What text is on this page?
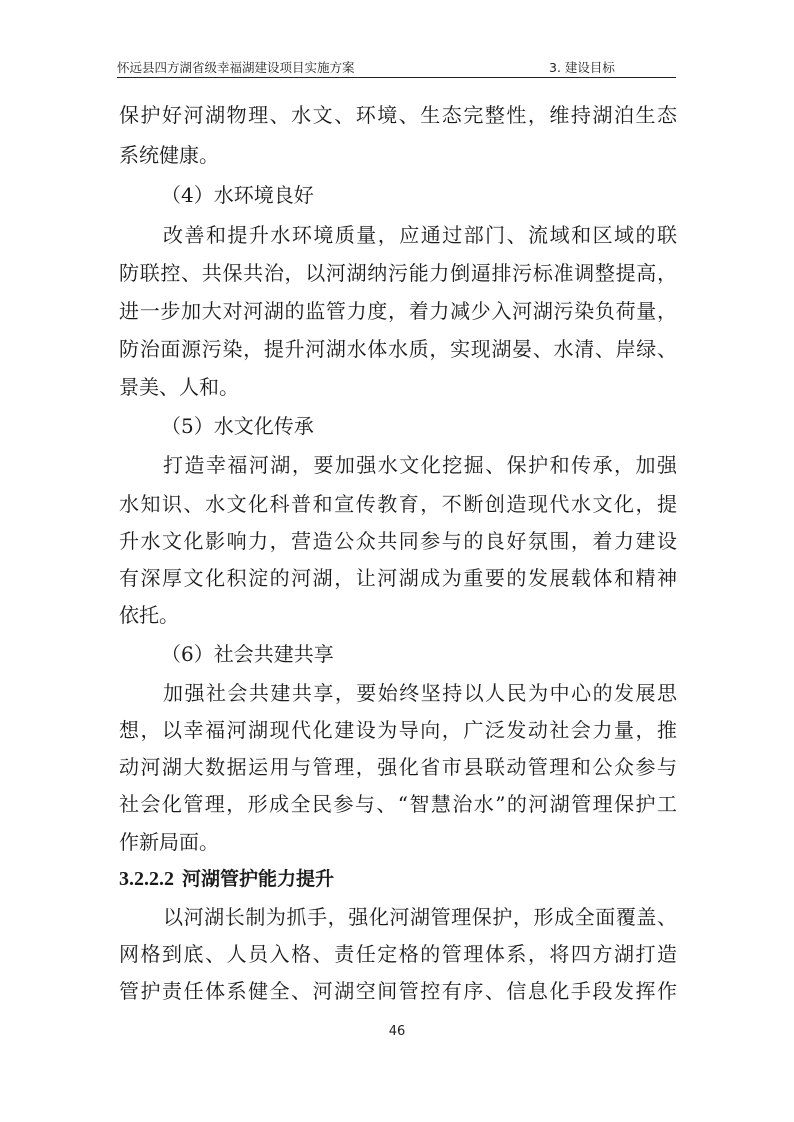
怀远县四方湖省级幸福湖建设项目实施方案	3. 建设目标
保护好河湖物理、水文、环境、生态完整性，维持湖泊生态
系统健康。
（4）水环境良好
改善和提升水环境质量，应通过部门、流域和区域的联
防联控、共保共治，以河湖纳污能力倒逼排污标准调整提高，
进一步加大对河湖的监管力度，着力减少入河湖污染负荷量，
防治面源污染，提升河湖水体水质，实现湖晏、水清、岸绿、
景美、人和。
（5）水文化传承
打造幸福河湖，要加强水文化挖掘、保护和传承，加强
水知识、水文化科普和宣传教育，不断创造现代水文化，提
升水文化影响力，营造公众共同参与的良好氛围，着力建设
有深厚文化积淀的河湖，让河湖成为重要的发展载体和精神
依托。
（6）社会共建共享
加强社会共建共享，要始终坚持以人民为中心的发展思
想，以幸福河湖现代化建设为导向，广泛发动社会力量，推
动河湖大数据运用与管理，强化省市县联动管理和公众参与
社会化管理，形成全民参与、“智慧治水”的河湖管理保护工
作新局面。
3.2.2.2 河湖管护能力提升
以河湖长制为抓手，强化河湖管理保护，形成全面覆盖、
网格到底、人员入格、责任定格的管理体系，将四方湖打造
管护责任体系健全、河湖空间管控有序、信息化手段发挥作
46
